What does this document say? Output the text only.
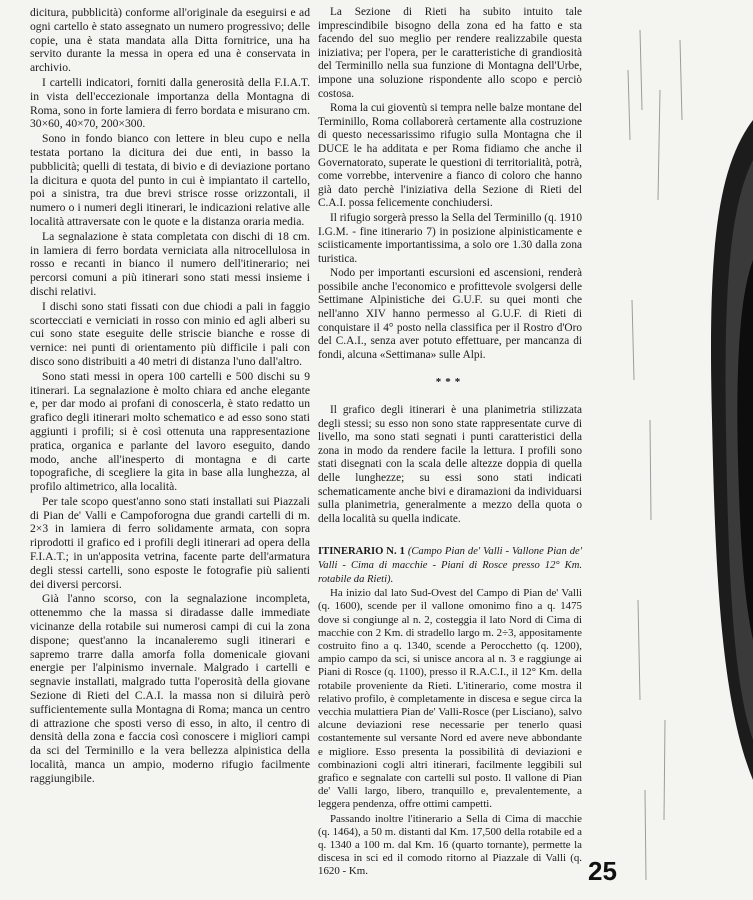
dicitura, pubblicità) conforme all'originale da eseguirsi e ad ogni cartello è stato assegnato un numero progressivo; delle copie, una è stata mandata alla Ditta fornitrice, una ha servito durante la messa in opera ed una è conservata in archivio.

I cartelli indicatori, forniti dalla generosità della F.I.A.T. in vista dell'eccezionale importanza della Montagna di Roma, sono in forte lamiera di ferro bordata e misurano cm. 30×60, 40×70, 200×300.

Sono in fondo bianco con lettere in bleu cupo e nella testata portano la dicitura dei due enti, in basso la pubblicità; quelli di testata, di bivio e di deviazione portano la dicitura e quota del punto in cui è impiantato il cartello, poi a sinistra, tra due brevi strisce rosse orizzontali, il numero o i numeri degli itinerari, le indicazioni relative alle località attraversate con le quote e la distanza oraria media.

La segnalazione è stata completata con dischi di 18 cm. in lamiera di ferro bordata verniciata alla nitrocellulosa in rosso e recanti in bianco il numero dell'itinerario; nei percorsi comuni a più itinerari sono stati messi insieme i dischi relativi.

I dischi sono stati fissati con due chiodi a pali in faggio scortecciati e verniciati in rosso con minio ed agli alberi su cui sono state eseguite delle striscie bianche e rosse di vernice: nei punti di orientamento più difficile i pali con disco sono distribuiti a 40 metri di distanza l'uno dall'altro.

Sono stati messi in opera 100 cartelli e 500 dischi su 9 itinerari. La segnalazione è molto chiara ed anche elegante e, per dar modo ai profani di conoscerla, è stato redatto un grafico degli itinerari molto schematico e ad esso sono stati aggiunti i profili; si è così ottenuta una rappresentazione pratica, organica e parlante del lavoro eseguito, dando modo, anche all'inesperto di montagna e di carte topografiche, di scegliere la gita in base alla lunghezza, al profilo altimetrico, alla località.

Per tale scopo quest'anno sono stati installati sui Piazzali di Pian de' Valli e Campoforogna due grandi cartelli di m. 2×3 in lamiera di ferro solidamente armata, con sopra riprodotti il grafico ed i profili degli itinerari ad opera della F.I.A.T.; in un'apposita vetrina, facente parte dell'armatura degli stessi cartelli, sono esposte le fotografie più salienti dei diversi percorsi.

Già l'anno scorso, con la segnalazione incompleta, ottenemmo che la massa si diradasse dalle immediate vicinanze della rotabile sui numerosi campi di cui la zona dispone; quest'anno la incanaleremo sugli itinerari e sapremo trarre dalla amorfa folla domenicale giovani energie per l'alpinismo invernale. Malgrado i cartelli e segnavie installati, malgrado tutta l'operosità della giovane Sezione di Rieti del C.A.I. la massa non si diluirà però sufficientemente sulla Montagna di Roma; manca un centro di attrazione che sposti verso di esso, in alto, il centro di densità della zona e faccia così conoscere i migliori campi da sci del Terminillo e la vera bellezza alpinistica della località, manca un ampio, moderno rifugio facilmente raggiungibile.

La Sezione di Rieti ha subito intuito tale imprescindibile bisogno della zona ed ha fatto e sta facendo del suo meglio per rendere realizzabile questa iniziativa; per l'opera, per le caratteristiche di grandiosità del Terminillo nella sua funzione di Montagna dell'Urbe, impone una soluzione rispondente allo scopo e perciò costosa.

Roma la cui gioventù si tempra nelle balze montane del Terminillo, Roma collaborerà certamente alla costruzione di questo necessarissimo rifugio sulla Montagna che il DUCE le ha additata e per Roma fidiamo che anche il Governatorato, superate le questioni di territorialità, potrà, come vorrebbe, intervenire a fianco di coloro che hanno già dato perchè l'iniziativa della Sezione di Rieti del C.A.I. possa felicemente conchiudersi.

Il rifugio sorgerà presso la Sella del Terminillo (q. 1910 I.G.M. - fine itinerario 7) in posizione alpinisticamente e sciisticamente importantissima, a solo ore 1.30 dalla zona turistica.

Nodo per importanti escursioni ed ascensioni, renderà possibile anche l'economico e profittevole svolgersi delle Settimane Alpinistiche dei G.U.F. su quei monti che nell'anno XIV hanno permesso al G.U.F. di Rieti di conquistare il 4° posto nella classifica per il Rostro d'Oro del C.A.I., senza aver potuto effettuare, per mancanza di fondi, alcuna «Settimana» sulle Alpi.

***

Il grafico degli itinerari è una planimetria stilizzata degli stessi; su esso non sono state rappresentate curve di livello, ma sono stati segnati i punti caratteristici della zona in modo da rendere facile la lettura. I profili sono stati disegnati con la scala delle altezze doppia di quella delle lunghezze; su essi sono stati indicati schematicamente anche bivi e diramazioni da individuarsi sulla planimetria, generalmente a mezzo della quota o della località su quella indicate.

ITINERARIO N. 1 (Campo Pian de' Valli - Vallone Pian de' Valli - Cima di macchie - Piani di Rosce presso 12° Km. rotabile da Rieti).

Ha inizio dal lato Sud-Ovest del Campo di Pian de' Valli (q. 1600), scende per il vallone omonimo fino a q. 1475 dove si congiunge al n. 2, costeggia il lato Nord di Cima di macchie con 2 Km. di stradello largo m. 2÷3, appositamente costruito fino a q. 1340, scende a Perocchetto (q. 1200), ampio campo da sci, si unisce ancora al n. 3 e raggiunge ai Piani di Rosce (q. 1100), presso il R.A.C.I., il 12° Km. della rotabile proveniente da Rieti. L'itinerario, come mostra il relativo profilo, è completamente in discesa e segue circa la vecchia mulattiera Pian de' Valli-Rosce (per Lisciano), salvo alcune deviazioni rese necessarie per tenerlo quasi costantemente sul versante Nord ed avere neve abbondante e migliore. Esso presenta la possibilità di deviazioni e combinazioni cogli altri itinerari, facilmente leggibili sul grafico e segnalate con cartelli sul posto. Il vallone di Pian de' Valli largo, libero, tranquillo e, prevalentemente, a leggera pendenza, offre ottimi campetti.

Passando inoltre l'itinerario a Sella di Cima di macchie (q. 1464), a 50 m. distanti dal Km. 17,500 della rotabile ed a q. 1340 a 100 m. dal Km. 16 (quarto tornante), permette la discesa in sci ed il comodo ritorno al Piazzale di Valli (q. 1620 - Km.	25
